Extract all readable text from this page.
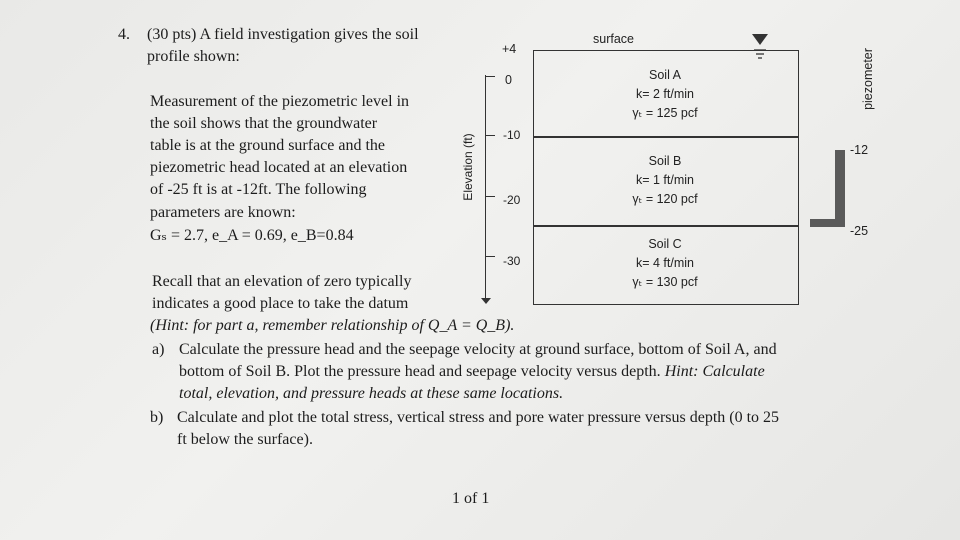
4. (30 pts) A field investigation gives the soil
profile shown:
Measurement of the piezometric level in
the soil shows that the groundwater
table is at the ground surface and the
piezometric head located at an elevation
of -25 ft is at -12ft. The following
parameters are known:
Gₛ = 2.7, e_A = 0.69, e_B=0.84
Recall that an elevation of zero typically
indicates a good place to take the datum
(Hint: for part a, remember relationship of Q_A = Q_B).
a) Calculate the pressure head and the seepage velocity at ground surface, bottom of Soil A, and
bottom of Soil B. Plot the pressure head and seepage velocity versus depth. Hint: Calculate
total, elevation, and pressure heads at these same locations.
b) Calculate and plot the total stress, vertical stress and pore water pressure versus depth (0 to 25
ft below the surface).
1 of 1
Elevation (ft)
+4
0
-10
-20
-30
surface
Soil A
k= 2 ft/min
γₜ = 125 pcf
Soil B
k= 1 ft/min
γₜ = 120 pcf
Soil C
k= 4 ft/min
γₜ = 130 pcf
piezometer
-12
-25
